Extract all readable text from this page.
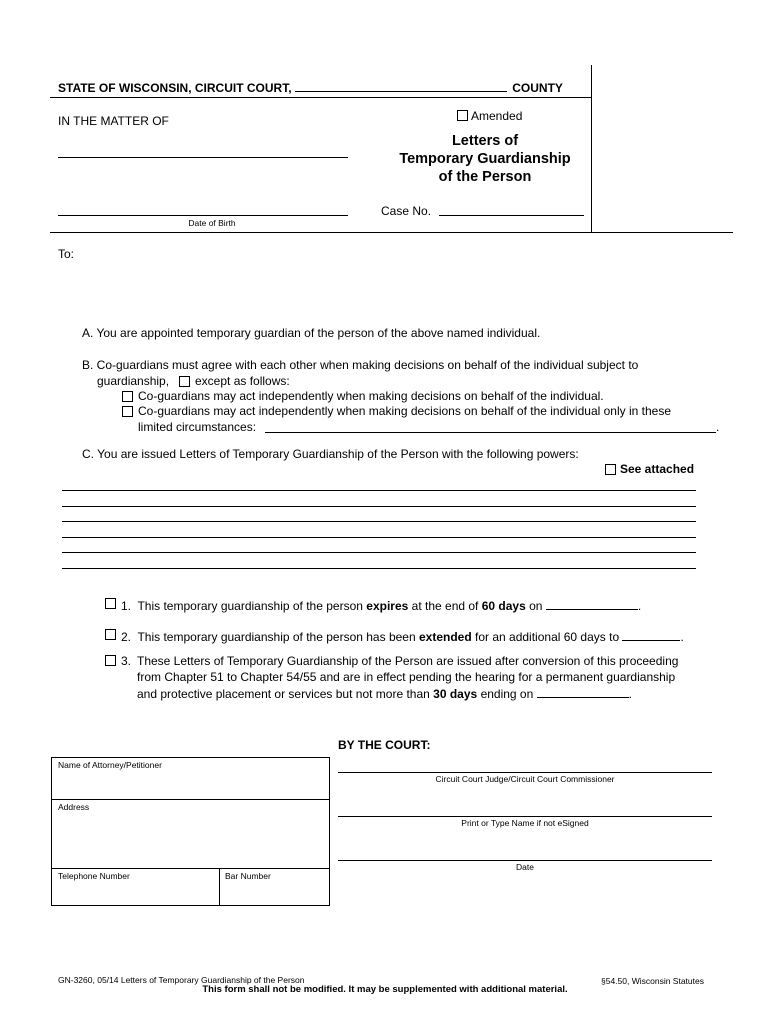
STATE OF WISCONSIN, CIRCUIT COURT,	COUNTY
IN THE MATTER OF	Amended
Letters of
Temporary Guardianship
of the Person
Date of Birth
Case No.
To:
A. You are appointed temporary guardian of the person of the above named individual.
B. Co-guardians must agree with each other when making decisions on behalf of the individual subject to
guardianship, except as follows:
Co-guardians may act independently when making decisions on behalf of the individual.
Co-guardians may act independently when making decisions on behalf of the individual only in these
limited circumstances:	.
C. You are issued Letters of Temporary Guardianship of the Person with the following powers:
See attached
1. This temporary guardianship of the person expires at the end of 60 days on	.
2. This temporary guardianship of the person has been extended for an additional 60 days to	.
3. These Letters of Temporary Guardianship of the Person are issued after conversion of this proceeding
from Chapter 51 to Chapter 54/55 and are in effect pending the hearing for a permanent guardianship
and protective placement or services but not more than 30 days ending on	.
BY THE COURT:
Circuit Court Judge/Circuit Court Commissioner
Print or Type Name if not eSigned
Date
Name of Attorney/Petitioner
Address
Telephone Number	Bar Number
GN-3260, 05/14 Letters of Temporary Guardianship of the Person	§54.50, Wisconsin Statutes
This form shall not be modified. It may be supplemented with additional material.
